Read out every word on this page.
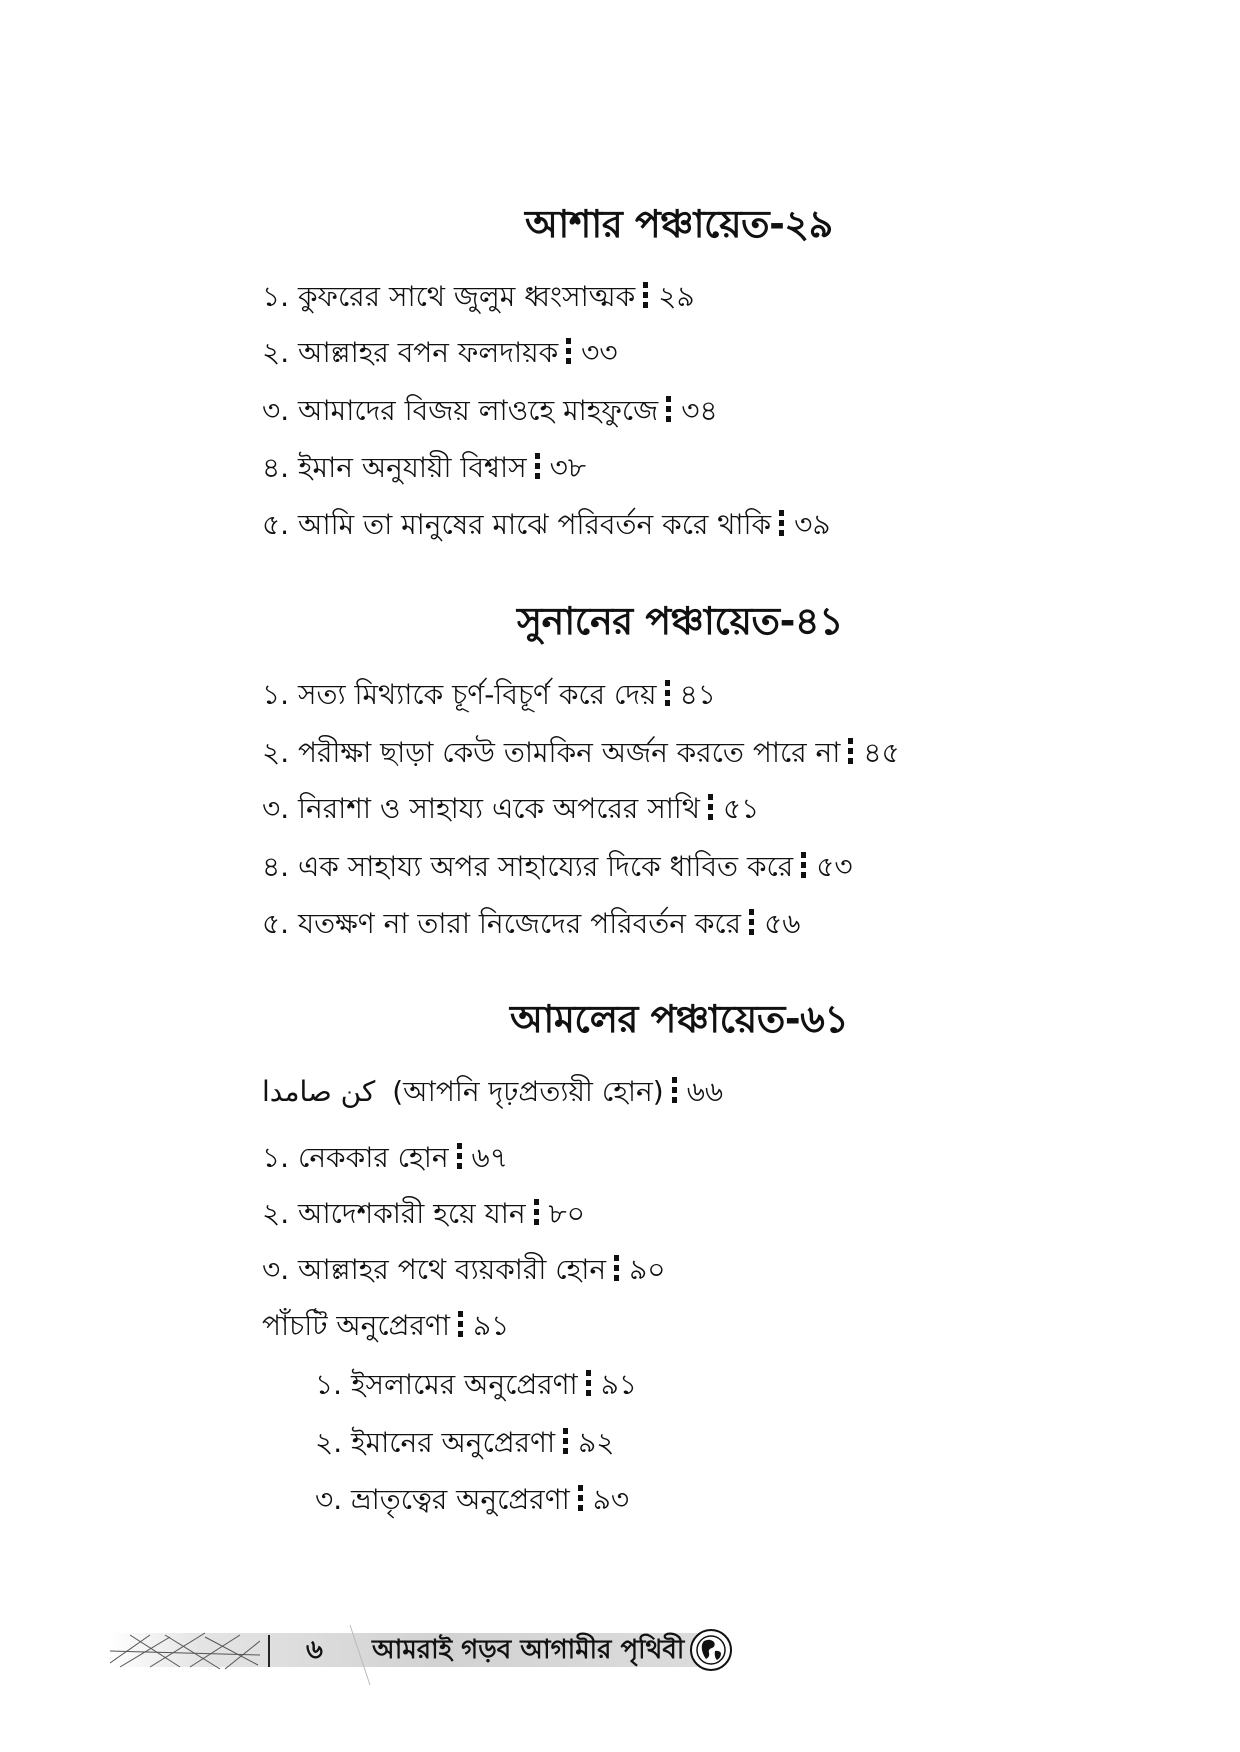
আশার পঞ্চায়েত-২৯
১. কুফরের সাথে জুলুম ধ্বংসাত্মক ২৯
২. আল্লাহর বপন ফলদায়ক ৩৩
৩. আমাদের বিজয় লাওহে মাহফুজে ৩৪
৪. ইমান অনুযায়ী বিশ্বাস ৩৮
৫. আমি তা মানুষের মাঝে পরিবর্তন করে থাকি ৩৯
সুনানের পঞ্চায়েত-৪১
১. সত্য মিথ্যাকে চূর্ণ-বিচূর্ণ করে দেয় ৪১
২. পরীক্ষা ছাড়া কেউ তামকিন অর্জন করতে পারে না ৪৫
৩. নিরাশা ও সাহায্য একে অপরের সাথি ৫১
৪. এক সাহায্য অপর সাহায্যের দিকে ধাবিত করে ৫৩
৫. যতক্ষণ না তারা নিজেদের পরিবর্তন করে ৫৬
আমলের পঞ্চায়েত-৬১
كن صامدا (আপনি দৃঢ়প্রত্যয়ী হোন) ৬৬
১. নেককার হোন ৬৭
২. আদেশকারী হয়ে যান ৮০
৩. আল্লাহর পথে ব্যয়কারী হোন ৯০
পাঁচটি অনুপ্রেরণা ৯১
১. ইসলামের অনুপ্রেরণা ৯১
২. ইমানের অনুপ্রেরণা ৯২
৩. ভ্রাতৃত্বের অনুপ্রেরণা ৯৩
৬ আমরাই গড়ব আগামীর পৃথিবী
